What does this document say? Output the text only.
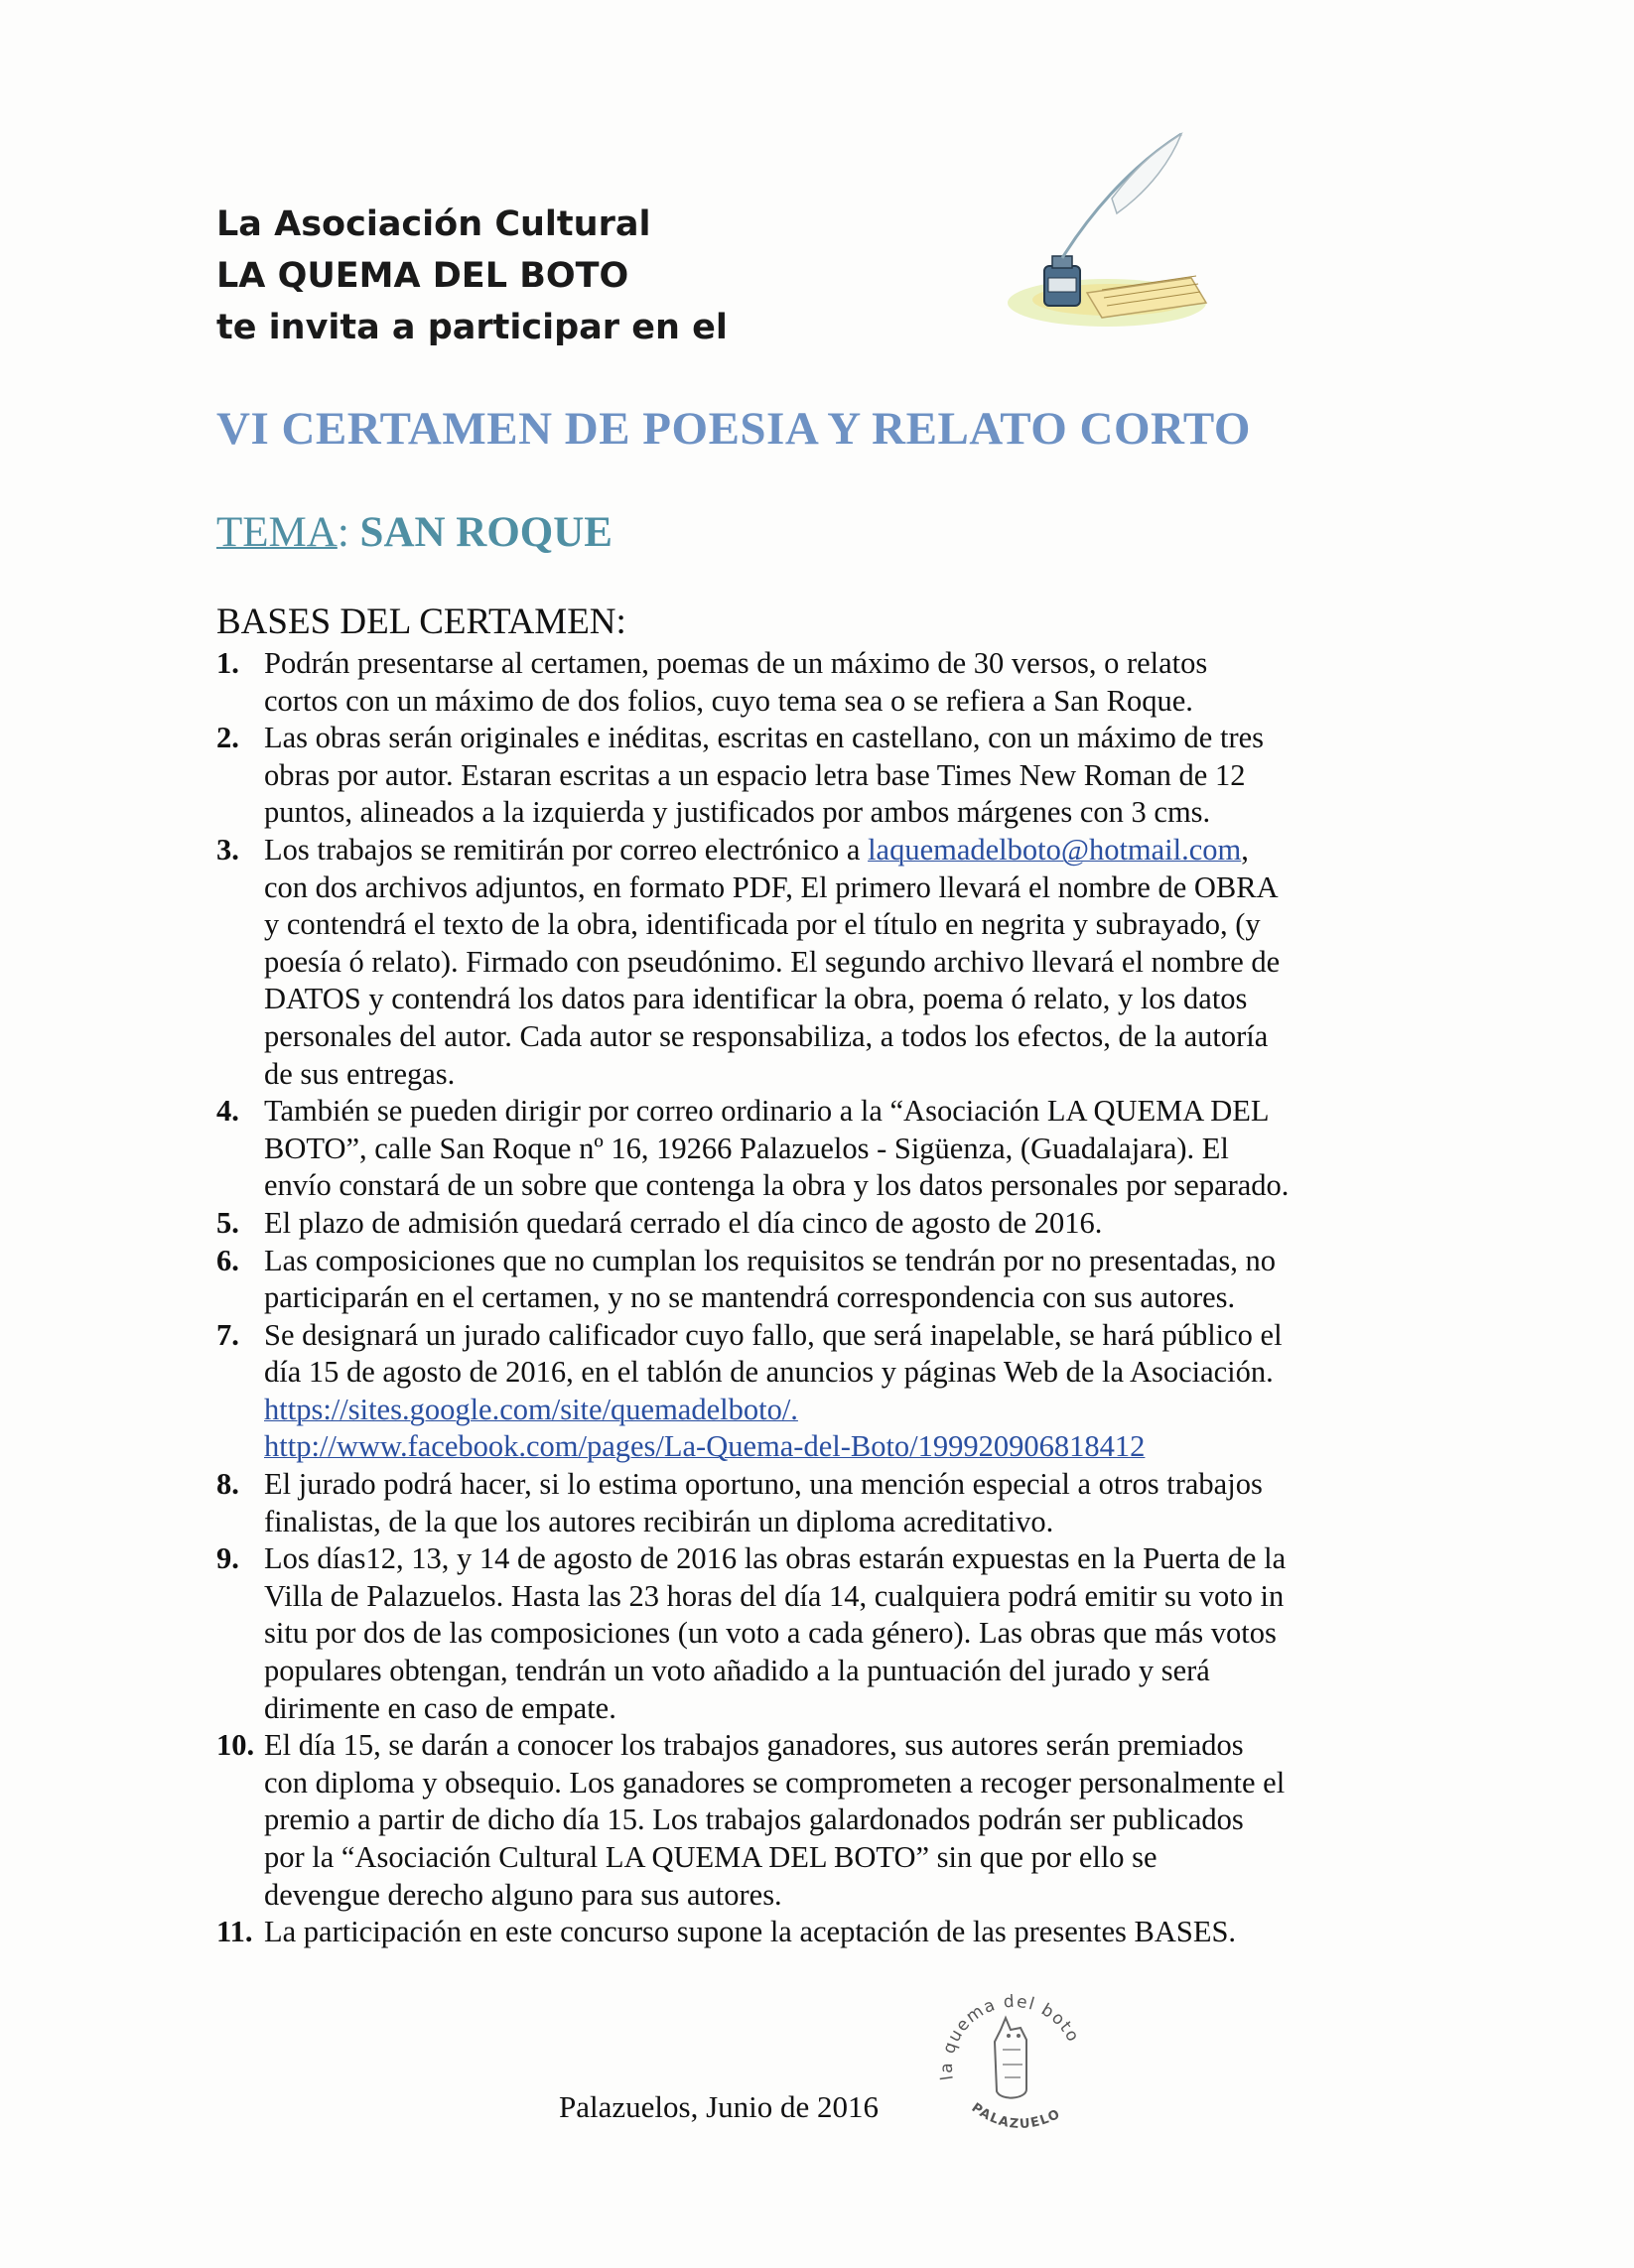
La Asociación Cultural
LA QUEMA DEL BOTO
te invita a participar en el
VI CERTAMEN DE POESIA Y RELATO CORTO
TEMA: SAN ROQUE
BASES DEL CERTAMEN:
1. Podrán presentarse al certamen, poemas de un máximo de 30 versos, o relatos
cortos con un máximo de dos folios, cuyo tema sea o se refiera a San Roque.
2. Las obras serán originales e inéditas, escritas en castellano, con un máximo de tres
obras por autor. Estaran escritas a un espacio letra base Times New Roman de 12
puntos, alineados a la izquierda y justificados por ambos márgenes con 3 cms.
3. Los trabajos se remitirán por correo electrónico a laquemadelboto@hotmail.com,
con dos archivos adjuntos, en formato PDF, El primero llevará el nombre de OBRA
y contendrá el texto de la obra, identificada por el título en negrita y subrayado, (y
poesía ó relato). Firmado con pseudónimo. El segundo archivo llevará el nombre de
DATOS y contendrá los datos para identificar la obra, poema ó relato, y los datos
personales del autor. Cada autor se responsabiliza, a todos los efectos, de la autoría
de sus entregas.
4. También se pueden dirigir por correo ordinario a la “Asociación LA QUEMA DEL
BOTO”, calle San Roque nº 16, 19266 Palazuelos - Sigüenza, (Guadalajara). El
envío constará de un sobre que contenga la obra y los datos personales por separado.
5. El plazo de admisión quedará cerrado el día cinco de agosto de 2016.
6. Las composiciones que no cumplan los requisitos se tendrán por no presentadas, no
participarán en el certamen, y no se mantendrá correspondencia con sus autores.
7. Se designará un jurado calificador cuyo fallo, que será inapelable, se hará público el
día 15 de agosto de 2016, en el tablón de anuncios y páginas Web de la Asociación.
https://sites.google.com/site/quemadelboto/.
http://www.facebook.com/pages/La-Quema-del-Boto/199920906818412
8. El jurado podrá hacer, si lo estima oportuno, una mención especial a otros trabajos
finalistas, de la que los autores recibirán un diploma acreditativo.
9. Los días12, 13, y 14 de agosto de 2016 las obras estarán expuestas en la Puerta de la
Villa de Palazuelos. Hasta las 23 horas del día 14, cualquiera podrá emitir su voto in
situ por dos de las composiciones (un voto a cada género). Las obras que más votos
populares obtengan, tendrán un voto añadido a la puntuación del jurado y será
dirimente en caso de empate.
10. El día 15, se darán a conocer los trabajos ganadores, sus autores serán premiados
con diploma y obsequio. Los ganadores se comprometen a recoger personalmente el
premio a partir de dicho día 15. Los trabajos galardonados podrán ser publicados
por la “Asociación Cultural LA QUEMA DEL BOTO” sin que por ello se
devengue derecho alguno para sus autores.
11. La participación en este concurso supone la aceptación de las presentes BASES.
la quema del boto
PALAZUELO
Palazuelos, Junio de 2016
